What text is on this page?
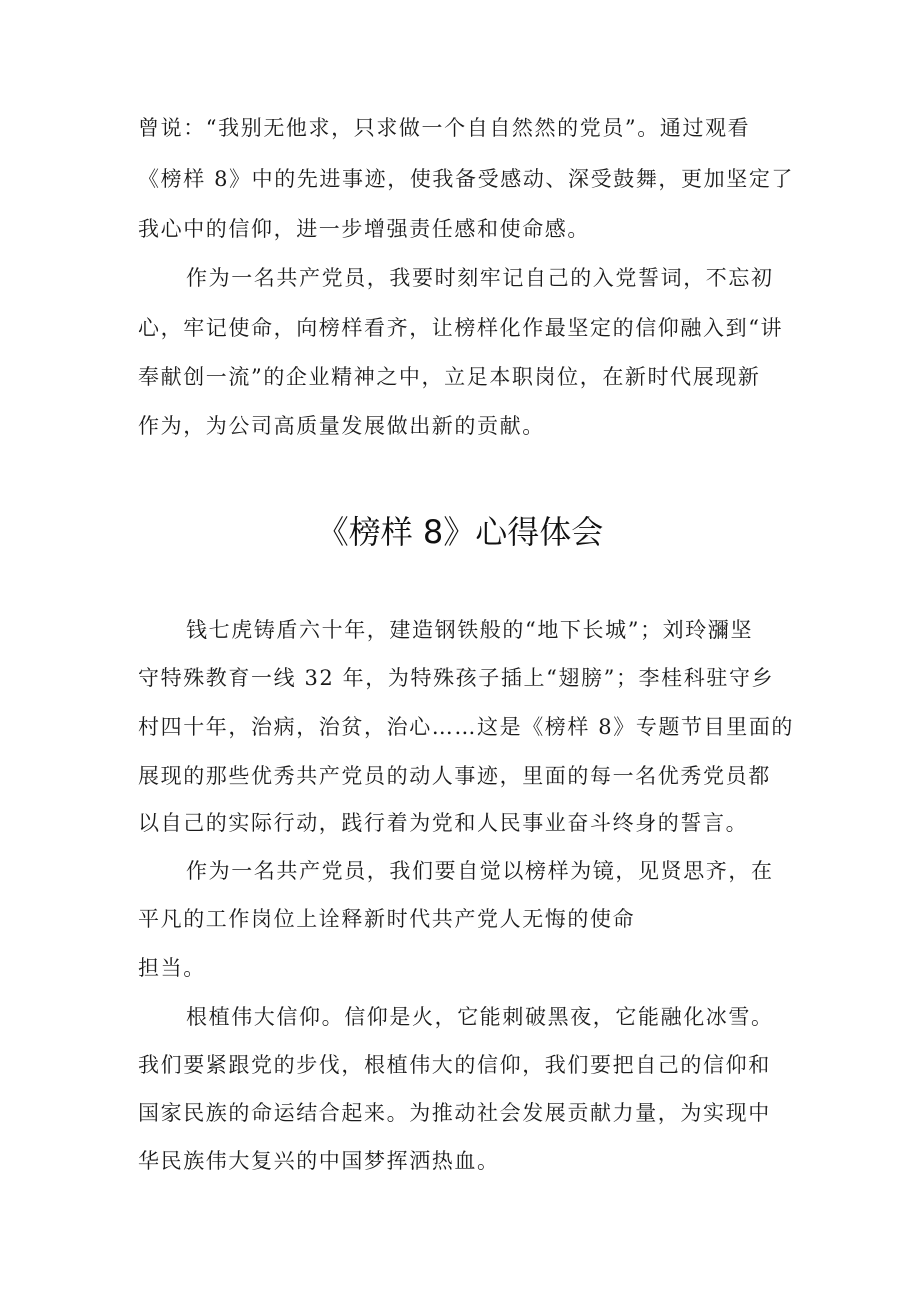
曾说：“我别无他求，只求做一个自自然然的党员”。通过观看
《榜样 8》中的先进事迹，使我备受感动、深受鼓舞，更加坚定了
我心中的信仰，进一步增强责任感和使命感。
作为一名共产党员，我要时刻牢记自己的入党誓词，不忘初
心，牢记使命，向榜样看齐，让榜样化作最坚定的信仰融入到“讲
奉献创一流”的企业精神之中，立足本职岗位，在新时代展现新
作为，为公司高质量发展做出新的贡献。
《榜样 8》心得体会
钱七虎铸盾六十年，建造钢铁般的“地下长城”；刘玲瀰坚
守特殊教育一线 32 年，为特殊孩子插上“翅膀”；李桂科驻守乡
村四十年，治病，治贫，治心……这是《榜样 8》专题节目里面的
展现的那些优秀共产党员的动人事迹，里面的每一名优秀党员都
以自己的实际行动，践行着为党和人民事业奋斗终身的誓言。
作为一名共产党员，我们要自觉以榜样为镜，见贤思齐，在
平凡的工作岗位上诠释新时代共产党人无悔的使命
担当。
根植伟大信仰。信仰是火，它能刺破黑夜，它能融化冰雪。
我们要紧跟党的步伐，根植伟大的信仰，我们要把自己的信仰和
国家民族的命运结合起来。为推动社会发展贡献力量，为实现中
华民族伟大复兴的中国梦挥洒热血。
